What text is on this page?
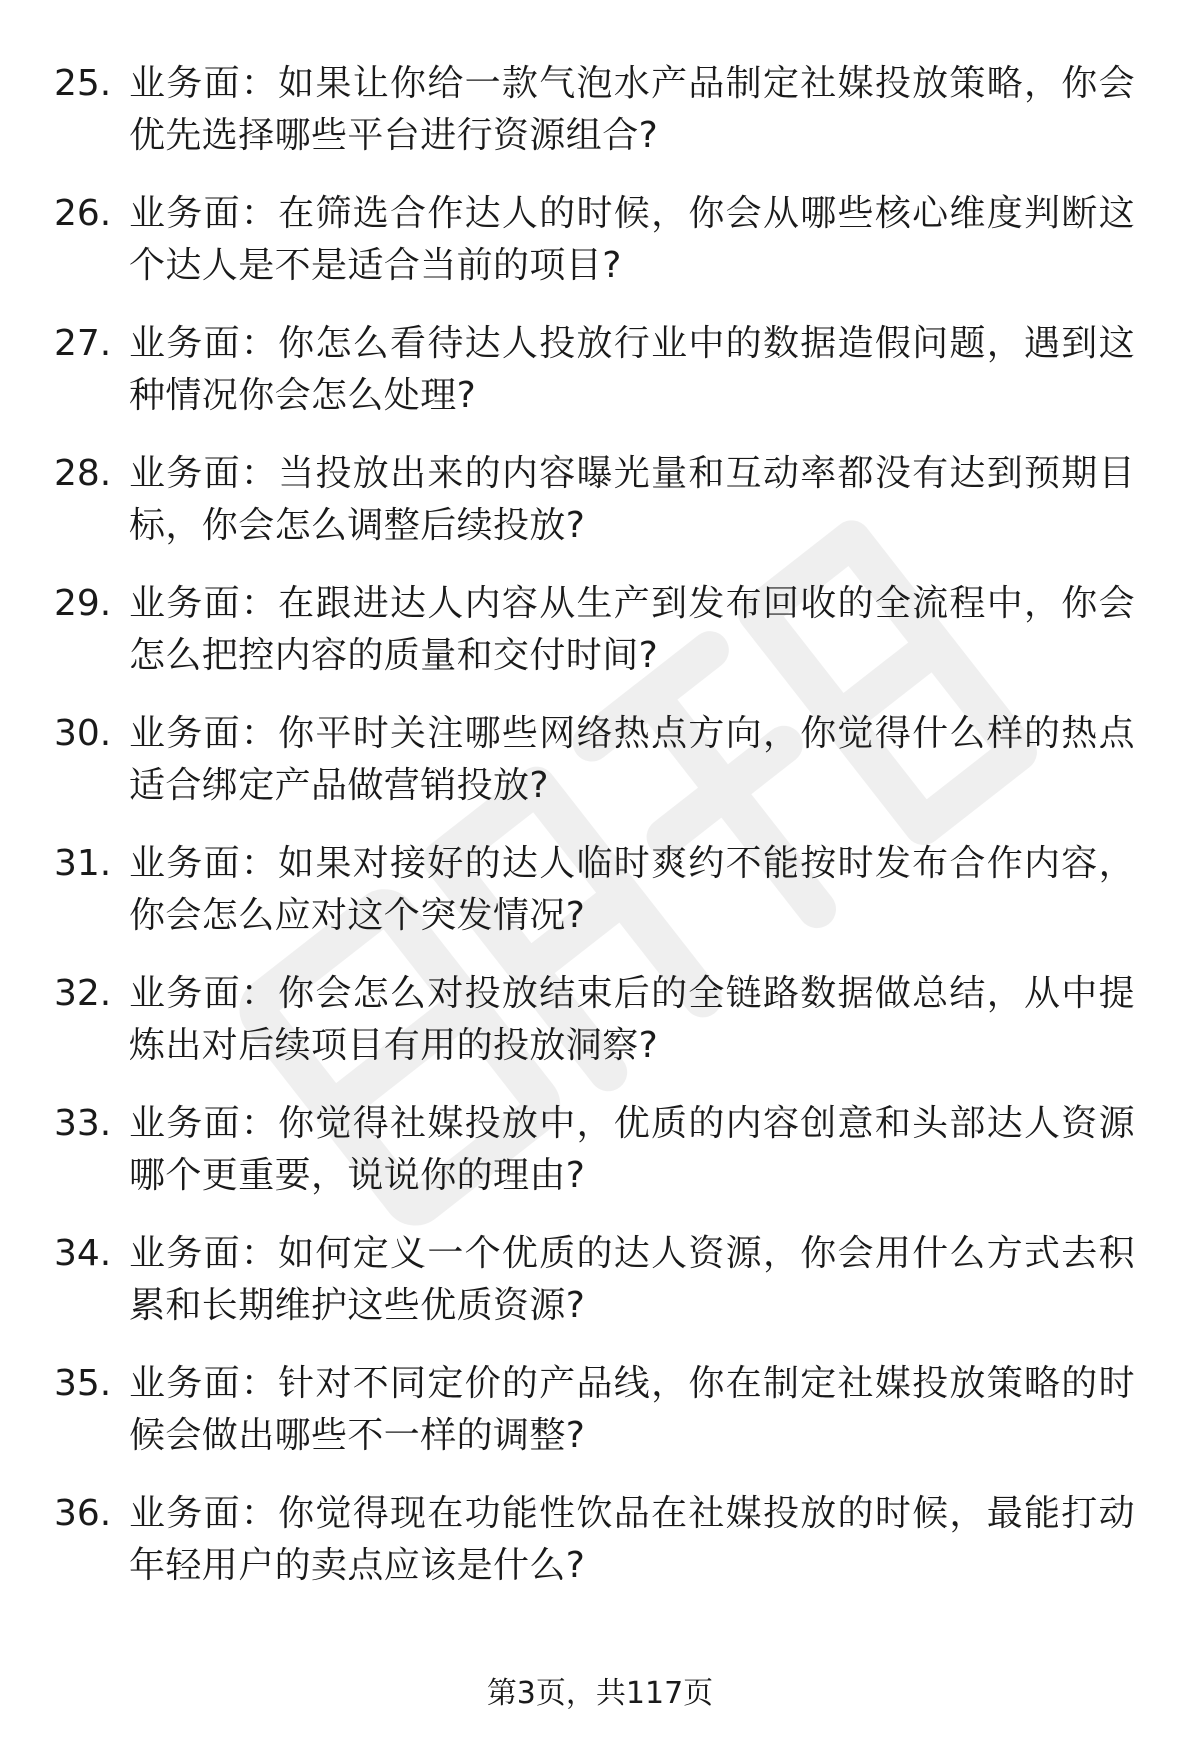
25. 业务面：如果让你给一款气泡水产品制定社媒投放策略，你会优先选择哪些平台进行资源组合?
26. 业务面：在筛选合作达人的时候，你会从哪些核心维度判断这个达人是不是适合当前的项目?
27. 业务面：你怎么看待达人投放行业中的数据造假问题，遇到这种情况你会怎么处理?
28. 业务面：当投放出来的内容曝光量和互动率都没有达到预期目标，你会怎么调整后续投放?
29. 业务面：在跟进达人内容从生产到发布回收的全流程中，你会怎么把控内容的质量和交付时间?
30. 业务面：你平时关注哪些网络热点方向，你觉得什么样的热点适合绑定产品做营销投放?
31. 业务面：如果对接好的达人临时爽约不能按时发布合作内容，你会怎么应对这个突发情况?
32. 业务面：你会怎么对投放结束后的全链路数据做总结，从中提炼出对后续项目有用的投放洞察?
33. 业务面：你觉得社媒投放中，优质的内容创意和头部达人资源哪个更重要，说说你的理由?
34. 业务面：如何定义一个优质的达人资源，你会用什么方式去积累和长期维护这些优质资源?
35. 业务面：针对不同定价的产品线，你在制定社媒投放策略的时候会做出哪些不一样的调整?
36. 业务面：你觉得现在功能性饮品在社媒投放的时候，最能打动年轻用户的卖点应该是什么?
第3页，共117页
